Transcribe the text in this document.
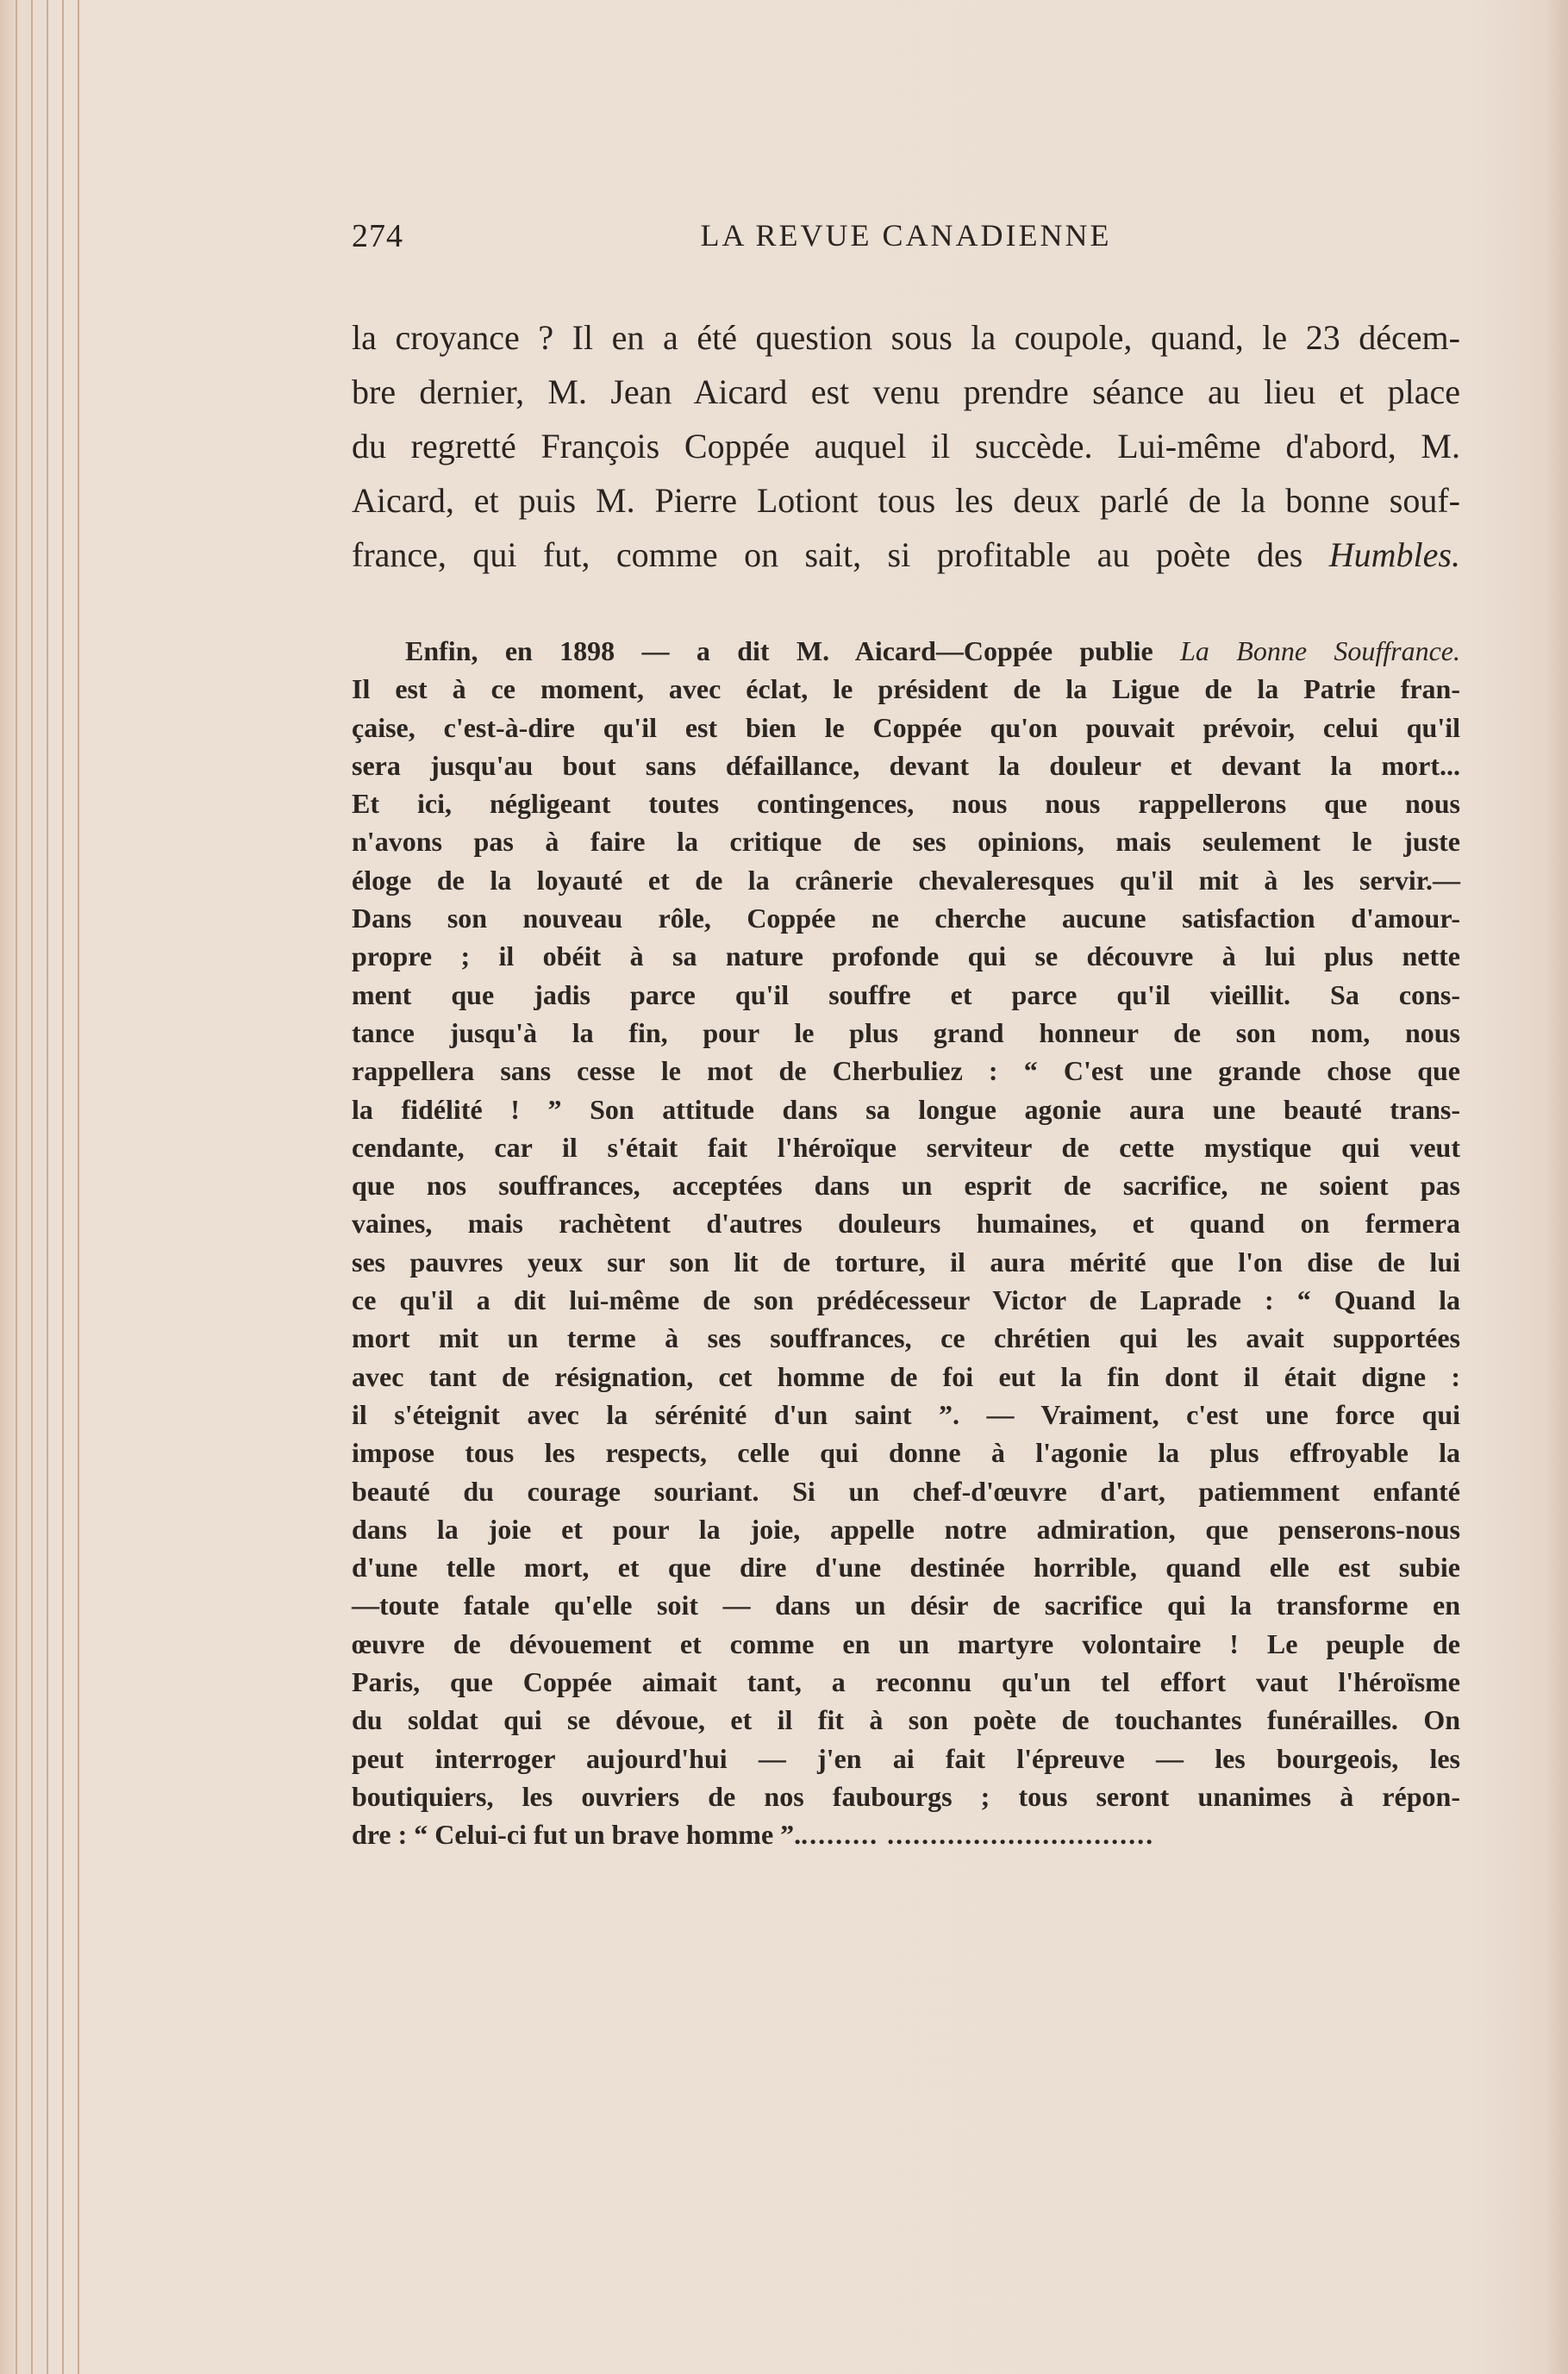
274	LA REVUE CANADIENNE
la croyance ? Il en a été question sous la coupole, quand, le 23 décem-
bre dernier, M. Jean Aicard est venu prendre séance au lieu et place
du regretté François Coppée auquel il succède. Lui-même d'abord, M.
Aicard, et puis M. Pierre Lotiont tous les deux parlé de la bonne souf-
france, qui fut, comme on sait, si profitable au poète des Humbles.
Enfin, en 1898 — a dit M. Aicard—Coppée publie La Bonne Souffrance.
Il est à ce moment, avec éclat, le président de la Ligue de la Patrie fran-
çaise, c'est-à-dire qu'il est bien le Coppée qu'on pouvait prévoir, celui qu'il
sera jusqu'au bout sans défaillance, devant la douleur et devant la mort...
Et ici, négligeant toutes contingences, nous nous rappellerons que nous
n'avons pas à faire la critique de ses opinions, mais seulement le juste
éloge de la loyauté et de la crânerie chevaleresques qu'il mit à les servir.—
Dans son nouveau rôle, Coppée ne cherche aucune satisfaction d'amour-
propre ; il obéit à sa nature profonde qui se découvre à lui plus nette
ment que jadis parce qu'il souffre et parce qu'il vieillit. Sa cons-
tance jusqu'à la fin, pour le plus grand honneur de son nom, nous
rappellera sans cesse le mot de Cherbuliez : “ C'est une grande chose que
la fidélité ! ” Son attitude dans sa longue agonie aura une beauté trans-
cendante, car il s'était fait l'héroïque serviteur de cette mystique qui veut
que nos souffrances, acceptées dans un esprit de sacrifice, ne soient pas
vaines, mais rachètent d'autres douleurs humaines, et quand on fermera
ses pauvres yeux sur son lit de torture, il aura mérité que l'on dise de lui
ce qu'il a dit lui-même de son prédécesseur Victor de Laprade : “ Quand la
mort mit un terme à ses souffrances, ce chrétien qui les avait supportées
avec tant de résignation, cet homme de foi eut la fin dont il était digne :
il s'éteignit avec la sérénité d'un saint ”. — Vraiment, c'est une force qui
impose tous les respects, celle qui donne à l'agonie la plus effroyable la
beauté du courage souriant. Si un chef-d'œuvre d'art, patiemment enfanté
dans la joie et pour la joie, appelle notre admiration, que penserons-nous
d'une telle mort, et que dire d'une destinée horrible, quand elle est subie
—toute fatale qu'elle soit — dans un désir de sacrifice qui la transforme en
œuvre de dévouement et comme en un martyre volontaire ! Le peuple de
Paris, que Coppée aimait tant, a reconnu qu'un tel effort vaut l'héroïsme
du soldat qui se dévoue, et il fit à son poète de touchantes funérailles. On
peut interroger aujourd'hui — j'en ai fait l'épreuve — les bourgeois, les
boutiquiers, les ouvriers de nos faubourgs ; tous seront unanimes à répon-
dre : “ Celui-ci fut un brave homme ”.......... ...............................
